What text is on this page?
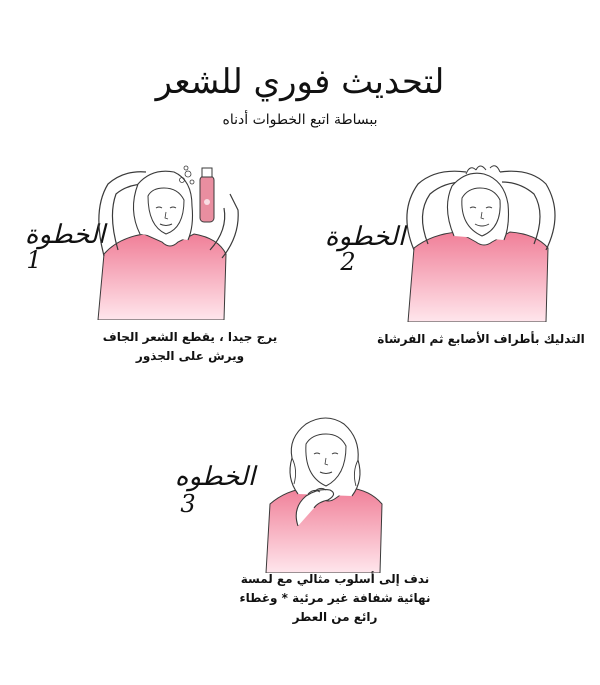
لتحديث فوري للشعر
ببساطة اتبع الخطوات أدناه
الخطوة
1
يرج جيدا ، يقطع الشعر الجاف
ويرش على الجذور
الخطوة
2
التدليك بأطراف الأصابع ثم الفرشاة
الخطوه
3
ندف إلى أسلوب مثالي مع لمسة
نهائية شفافة غير مرئية * وغطاء
رائع من العطر
